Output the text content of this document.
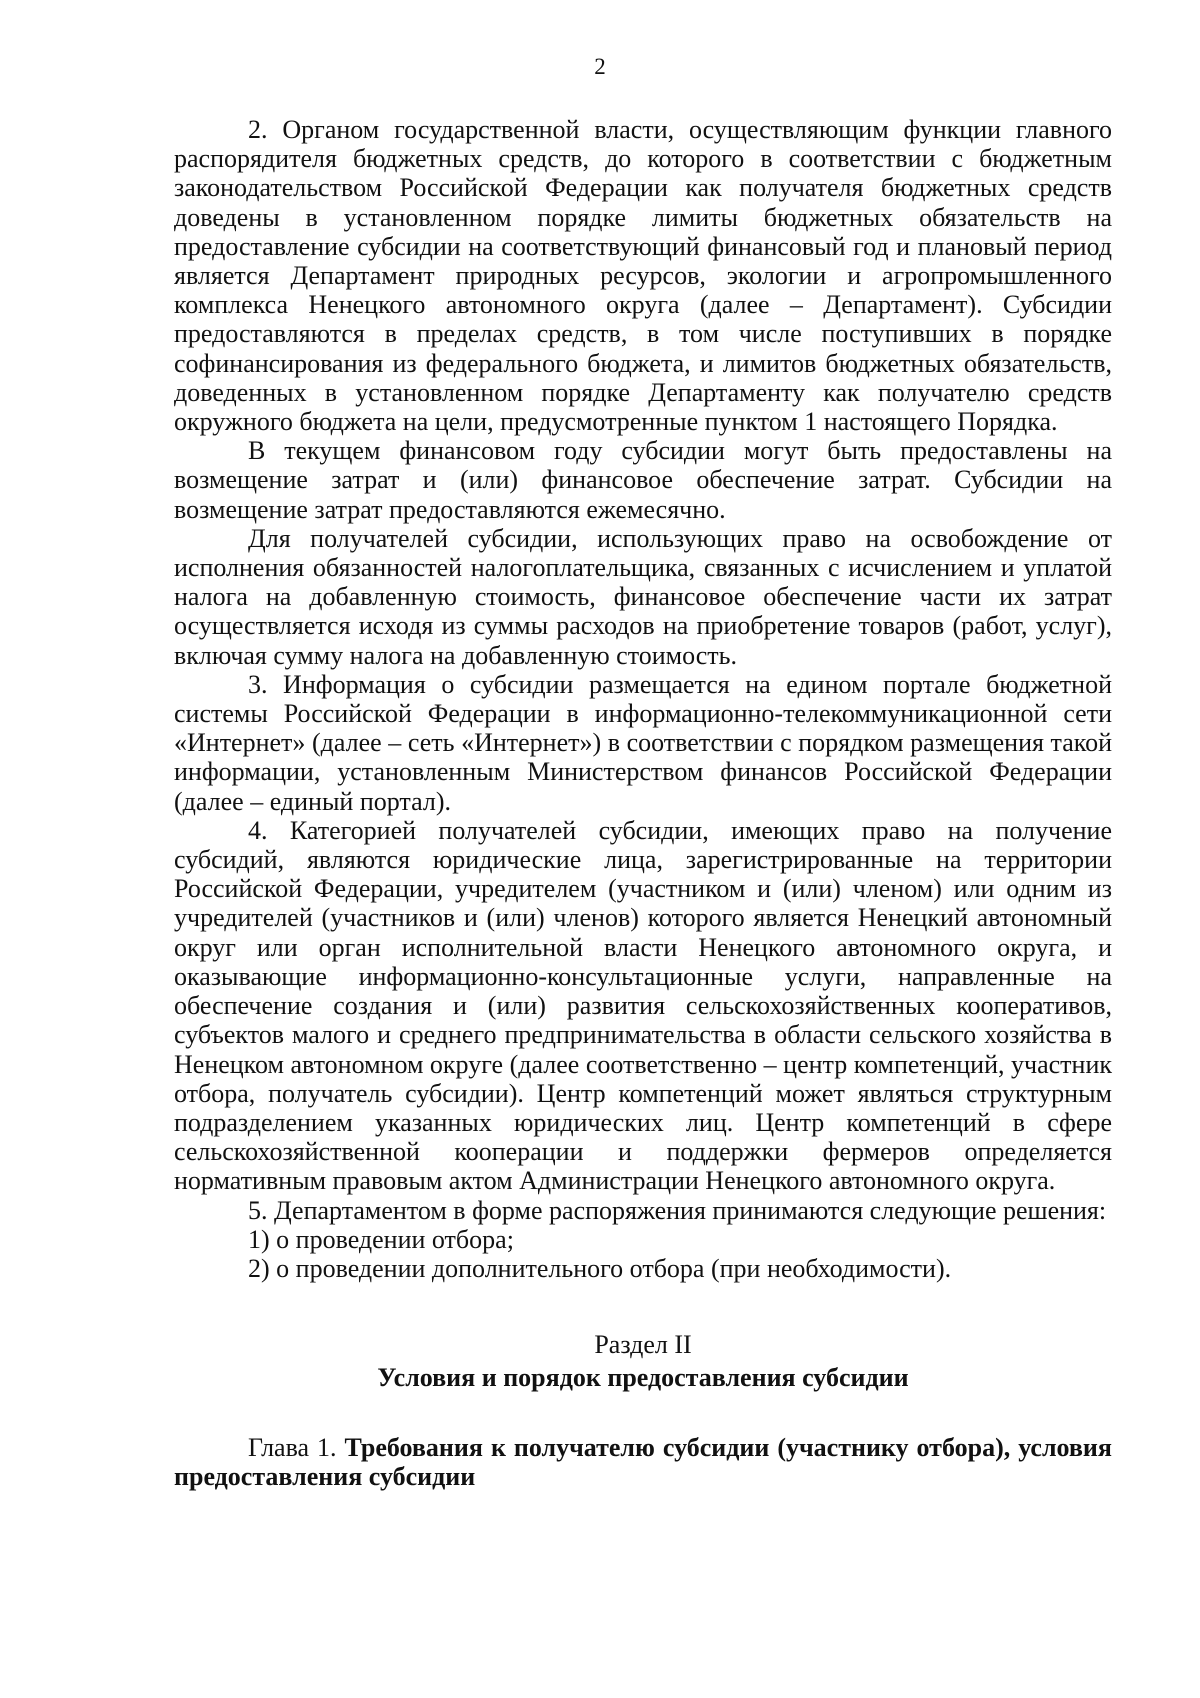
2

2. Органом государственной власти, осуществляющим функции главного распорядителя бюджетных средств, до которого в соответствии с бюджетным законодательством Российской Федерации как получателя бюджетных средств доведены в установленном порядке лимиты бюджетных обязательств на предоставление субсидии на соответствующий финансовый год и плановый период является Департамент природных ресурсов, экологии и агропромышленного комплекса Ненецкого автономного округа (далее – Департамент). Субсидии предоставляются в пределах средств, в том числе поступивших в порядке софинансирования из федерального бюджета, и лимитов бюджетных обязательств, доведенных в установленном порядке Департаменту как получателю средств окружного бюджета на цели, предусмотренные пунктом 1 настоящего Порядка.

В текущем финансовом году субсидии могут быть предоставлены на возмещение затрат и (или) финансовое обеспечение затрат. Субсидии на возмещение затрат предоставляются ежемесячно.

Для получателей субсидии, использующих право на освобождение от исполнения обязанностей налогоплательщика, связанных с исчислением и уплатой налога на добавленную стоимость, финансовое обеспечение части их затрат осуществляется исходя из суммы расходов на приобретение товаров (работ, услуг), включая сумму налога на добавленную стоимость.

3. Информация о субсидии размещается на едином портале бюджетной системы Российской Федерации в информационно-телекоммуникационной сети «Интернет» (далее – сеть «Интернет») в соответствии с порядком размещения такой информации, установленным Министерством финансов Российской Федерации (далее – единый портал).

4. Категорией получателей субсидии, имеющих право на получение субсидий, являются юридические лица, зарегистрированные на территории Российской Федерации, учредителем (участником и (или) членом) или одним из учредителей (участников и (или) членов) которого является Ненецкий автономный округ или орган исполнительной власти Ненецкого автономного округа, и оказывающие информационно-консультационные услуги, направленные на обеспечение создания и (или) развития сельскохозяйственных кооперативов, субъектов малого и среднего предпринимательства в области сельского хозяйства в Ненецком автономном округе (далее соответственно – центр компетенций, участник отбора, получатель субсидии). Центр компетенций может являться структурным подразделением указанных юридических лиц. Центр компетенций в сфере сельскохозяйственной кооперации и поддержки фермеров определяется нормативным правовым актом Администрации Ненецкого автономного округа.

5. Департаментом в форме распоряжения принимаются следующие решения:

1) о проведении отбора;

2) о проведении дополнительного отбора (при необходимости).

Раздел II

Условия и порядок предоставления субсидии

Глава 1. Требования к получателю субсидии (участнику отбора), условия предоставления субсидии
